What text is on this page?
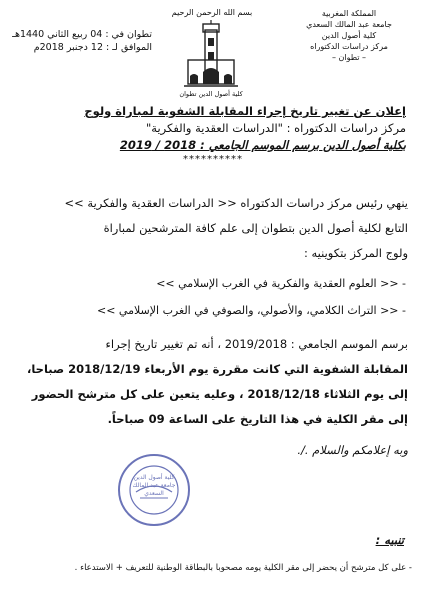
المملكة المغربية
جامعة عبد المالك السعدي
كلية أصول الدين
مركز دراسات الدكتوراه
– تطوان –
بسم الله الرحمن الرحيم
كلية أصول الدين تطوان
تطوان في : 04 ربيع الثاني 1440هـ
الموافق لـ : 12 دجنبر 2018م
إعلان عن تغيير تاريخ إجراء المقابلة الشفوية لمباراة ولوج
مركز دراسات الدكتوراه : "الدراسات العقدية والفكرية"
بكلية أصول الدين برسم الموسم الجامعي : 2018 / 2019
**********
ينهي رئيس مركز دراسات الدكتوراه << الدراسات العقدية والفكرية >>
التابع لكلية أصول الدين بتطوان إلى علم كافة المترشحين لمباراة
ولوج المركز بتكوينيه :
- << العلوم العقدية والفكرية في الغرب الإسلامي >>
- << التراث الكلامي، والأصولي، والصوفي في الغرب الإسلامي >>
برسم الموسم الجامعي : 2019/2018 ، أنه تم تغيير تاريخ إجراء
المقابلة الشفوية التي كانت مقررة يوم الأربعاء 2018/12/19 صباحا،
إلى يوم الثلاثاء 2018/12/18 ، وعليه يتعين على كل مترشح الحضور
إلى مقر الكلية في هذا التاريخ على الساعة 09 صباحاً.
وبه إعلامكم والسلام ./.
كلية أصول الدين جامعة عبد المالك السعدي
تنبيه :
- على كل مترشح أن يحضر إلى مقر الكلية يومه مصحوبا بالبطاقة الوطنية للتعريف + الاستدعاء .
